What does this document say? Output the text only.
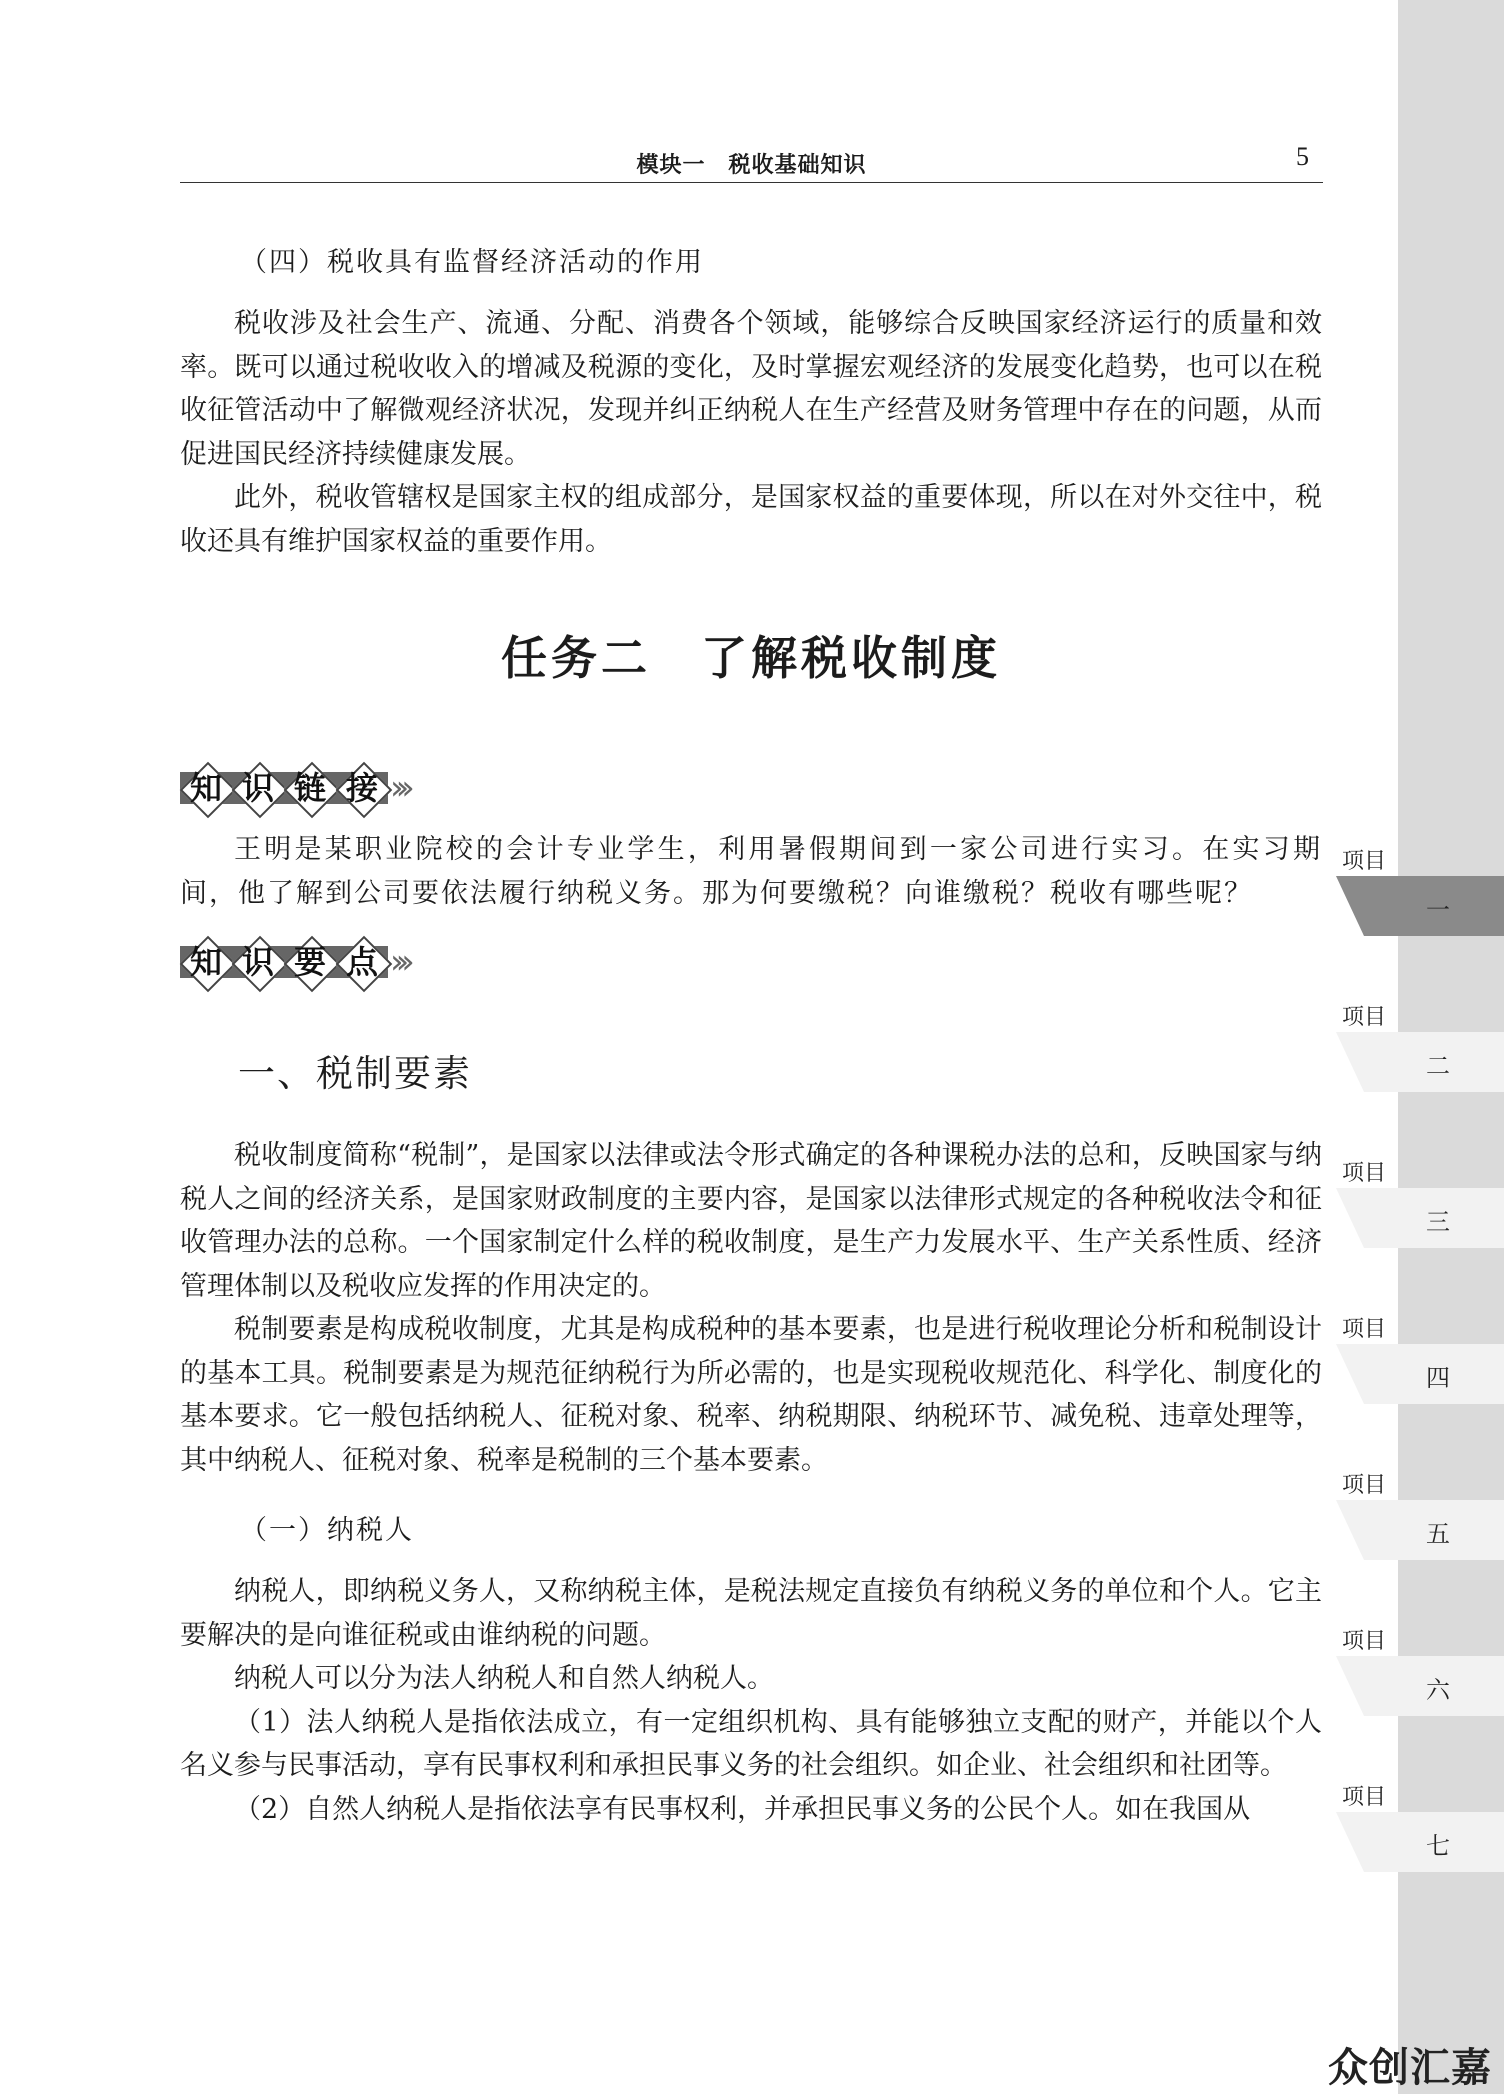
模块一　税收基础知识	5
（四）税收具有监督经济活动的作用

税收涉及社会生产、流通、分配、消费各个领域，能够综合反映国家经济运行的质量和效率。既可以通过税收收入的增减及税源的变化，及时掌握宏观经济的发展变化趋势，也可以在税收征管活动中了解微观经济状况，发现并纠正纳税人在生产经营及财务管理中存在的问题，从而促进国民经济持续健康发展。

此外，税收管辖权是国家主权的组成部分，是国家权益的重要体现，所以在对外交往中，税收还具有维护国家权益的重要作用。

任务二　了解税收制度
知 识 链 接 ›››

王明是某职业院校的会计专业学生，利用暑假期间到一家公司进行实习。在实习期间，他了解到公司要依法履行纳税义务。那为何要缴税？向谁缴税？税收有哪些呢？

知 识 要 点 ›››
一、税制要素

税收制度简称“税制”，是国家以法律或法令形式确定的各种课税办法的总和，反映国家与纳税人之间的经济关系，是国家财政制度的主要内容，是国家以法律形式规定的各种税收法令和征收管理办法的总称。一个国家制定什么样的税收制度，是生产力发展水平、生产关系性质、经济管理体制以及税收应发挥的作用决定的。

税制要素是构成税收制度，尤其是构成税种的基本要素，也是进行税收理论分析和税制设计的基本工具。税制要素是为规范征纳税行为所必需的，也是实现税收规范化、科学化、制度化的基本要求。它一般包括纳税人、征税对象、税率、纳税期限、纳税环节、减免税、违章处理等，其中纳税人、征税对象、税率是税制的三个基本要素。

（一）纳税人

纳税人，即纳税义务人，又称纳税主体，是税法规定直接负有纳税义务的单位和个人。它主要解决的是向谁征税或由谁纳税的问题。

纳税人可以分为法人纳税人和自然人纳税人。

（1）法人纳税人是指依法成立，有一定组织机构、具有能够独立支配的财产，并能以个人名义参与民事活动，享有民事权利和承担民事义务的社会组织。如企业、社会组织和社团等。

（2）自然人纳税人是指依法享有民事权利，并承担民事义务的公民个人。如在我国从

项目
一
项目
二
项目
三
项目
四
项目
五
项目
六
项目
七
众创汇嘉
